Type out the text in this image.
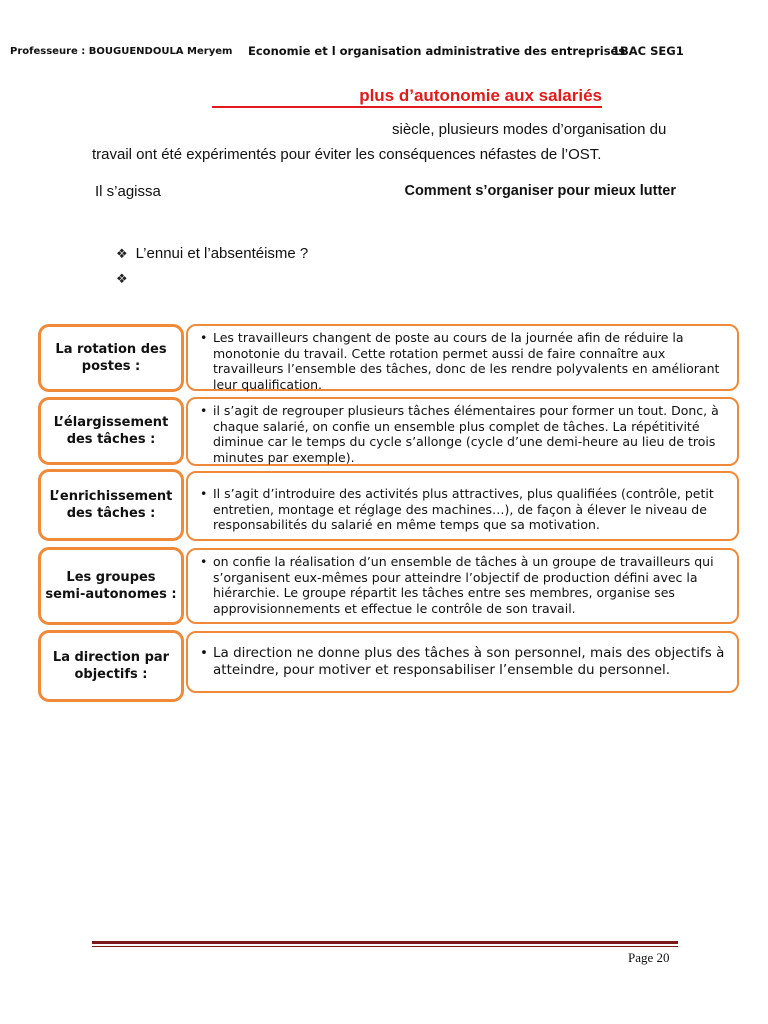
Professeure : BOUGUENDOULA Meryem Economie et l organisation administrative des entreprises
1BAC SEG1
plus d’autonomie aux salariés
siècle, plusieurs modes d’organisation du
travail ont été expérimentés pour éviter les conséquences néfastes de l’OST.
Il s’agissa	Comment s’organiser pour mieux lutter
❖ L’ennui et l’absentéisme ?
❖
La rotation des postes :
• Les travailleurs changent de poste au cours de la journée afin de réduire la monotonie du travail. Cette rotation permet aussi de faire connaître aux travailleurs l’ensemble des tâches, donc de les rendre polyvalents en améliorant leur qualification.
L’élargissement des tâches :
• il s’agit de regrouper plusieurs tâches élémentaires pour former un tout. Donc, à chaque salarié, on confie un ensemble plus complet de tâches. La répétitivité diminue car le temps du cycle s’allonge (cycle d’une demi-heure au lieu de trois minutes par exemple).
L’enrichissement des tâches :
• Il s’agit d’introduire des activités plus attractives, plus qualifiées (contrôle, petit entretien, montage et réglage des machines…), de façon à élever le niveau de responsabilités du salarié en même temps que sa motivation.
Les groupes semi-autonomes :
• on confie la réalisation d’un ensemble de tâches à un groupe de travailleurs qui s’organisent eux-mêmes pour atteindre l’objectif de production défini avec la hiérarchie. Le groupe répartit les tâches entre ses membres, organise ses approvisionnements et effectue le contrôle de son travail.
La direction par objectifs :
• La direction ne donne plus des tâches à son personnel, mais des objectifs à atteindre, pour motiver et responsabiliser l’ensemble du personnel.
Page 20
